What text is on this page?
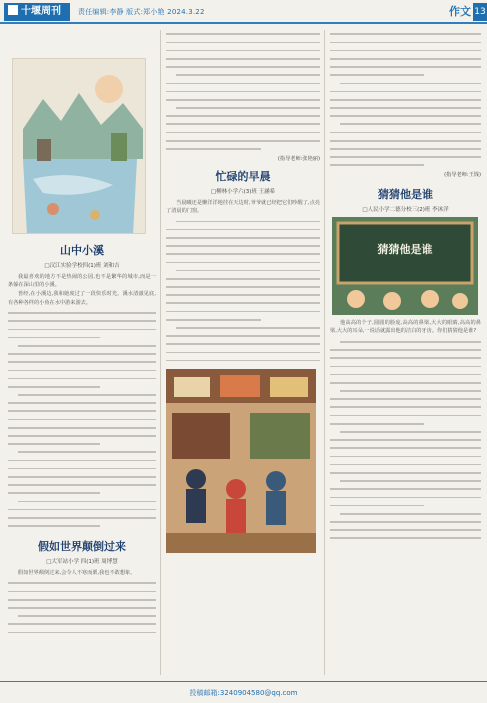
十堰周刊	责任编辑:李静 版式:郑小艳 2024.3.22	作文 13
山中小溪
□汉江实验学校四(1)班 刘和吉
我最喜欢的地方不是热闹的公园,也不是繁华的城市,而是一条躲在深山里的小溪。
皆经,在小溪边,我和她度过了一段快乐时光。溪水清澈见底,有各种各样的小鱼在水中游来游去。
假如世界颠倒过来
□大军站小学 四(1)班 周博慧
假如世界颠倒过来,会令人不寒而栗,我也不敢想象。
(指导老师:张艳丽)
忙碌的早晨
□柳林小学六(3)班 王涵希
当晨曦还是懒洋洋地挂在天边时,爷爷就已经把它们吵醒了,点亮了清晨的门窗。
(指导老师:王钱)
猜猜他是谁
□人民小学二德分校三(2)班 李沐洋
猜猜他是谁
他高高的个子,圆圆的脸庞,高高的鼻梁,大大的眼睛,高高的鼻梁,大大的耳朵,一说话就露出他的洁白的牙齿。你们猜猜他是谁?
投稿邮箱:3240904580@qq.com
